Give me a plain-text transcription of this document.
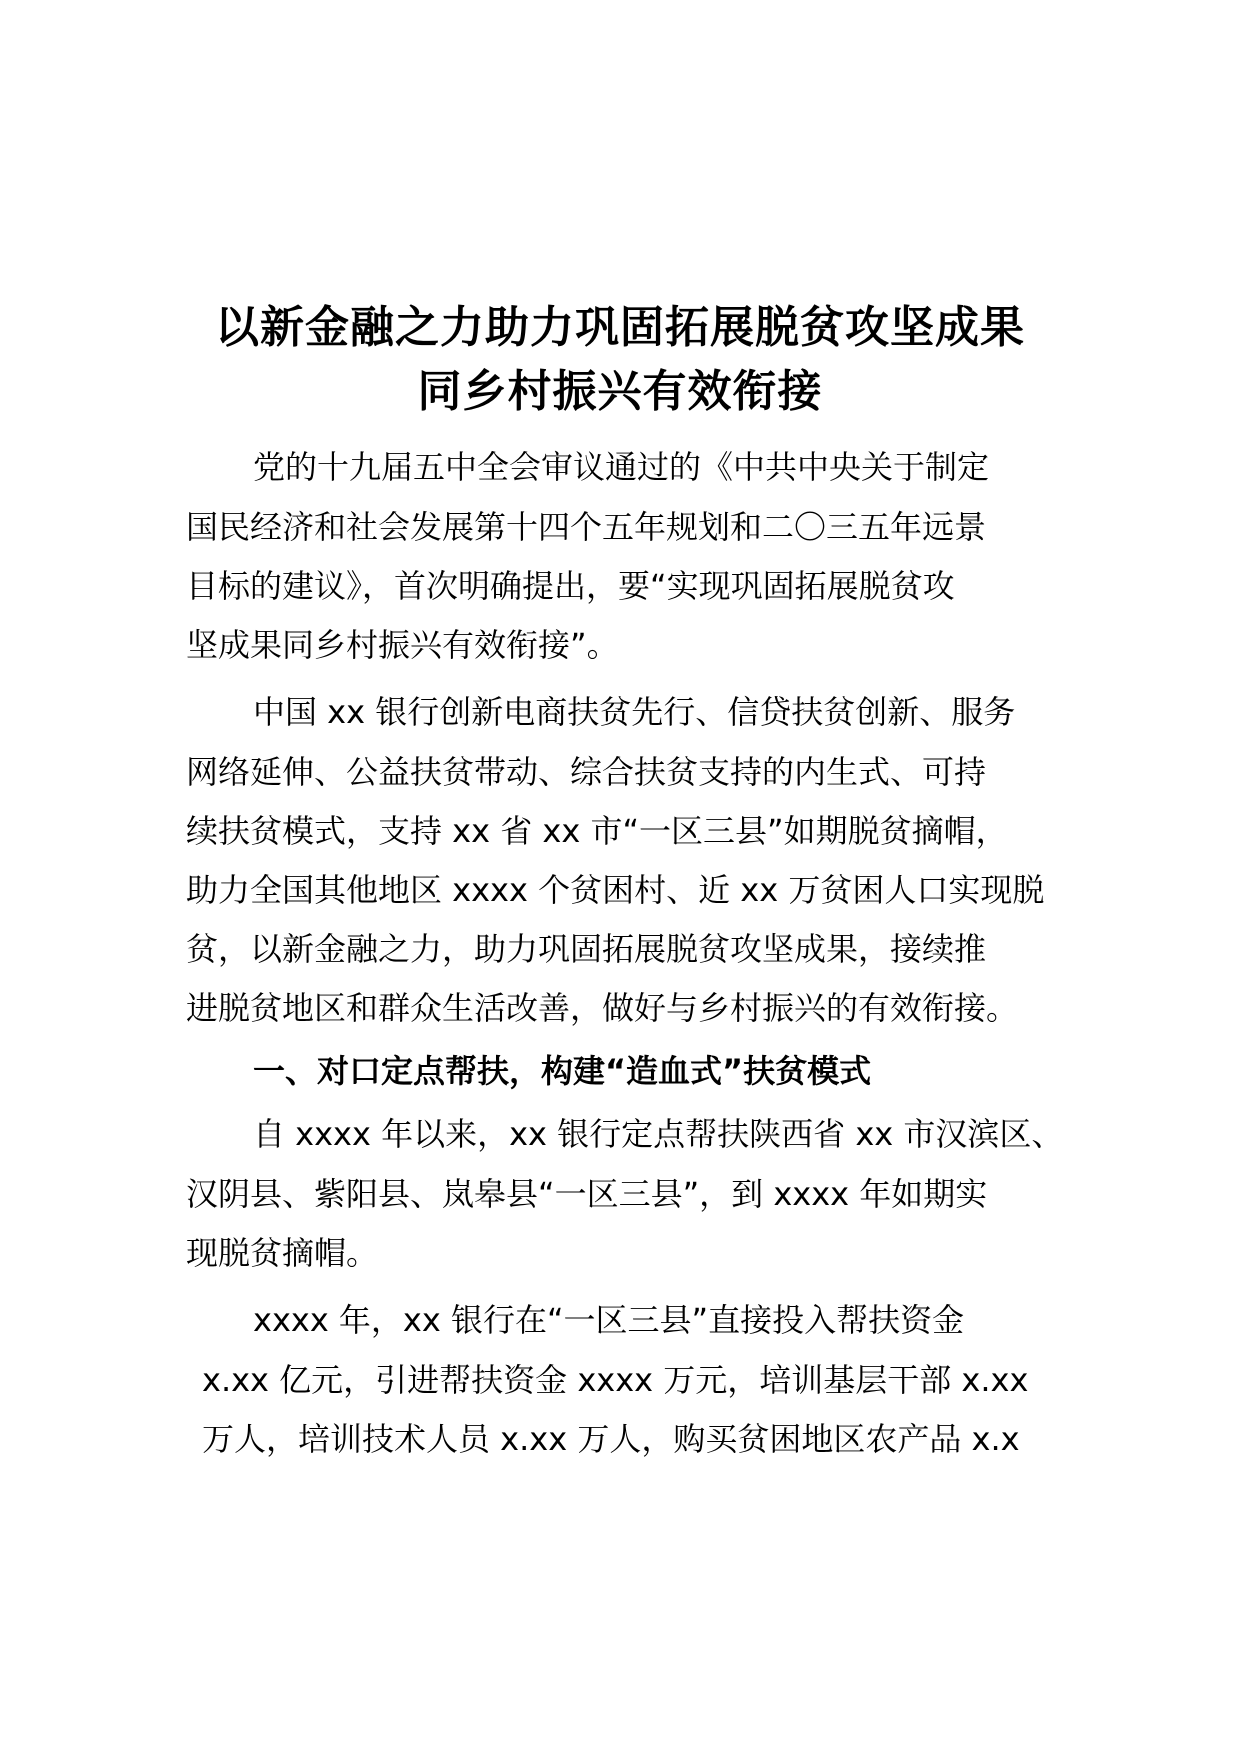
以新金融之力助力巩固拓展脱贫攻坚成果
同乡村振兴有效衔接

党的十九届五中全会审议通过的《中共中央关于制定

国民经济和社会发展第十四个五年规划和二〇三五年远景

目标的建议》，首次明确提出，要“实现巩固拓展脱贫攻

坚成果同乡村振兴有效衔接”。

中国 xx 银行创新电商扶贫先行、信贷扶贫创新、服务

网络延伸、公益扶贫带动、综合扶贫支持的内生式、可持

续扶贫模式，支持 xx 省 xx 市“一区三县”如期脱贫摘帽，

助力全国其他地区 xxxx 个贫困村、近 xx 万贫困人口实现脱

贫，以新金融之力，助力巩固拓展脱贫攻坚成果，接续推

进脱贫地区和群众生活改善，做好与乡村振兴的有效衔接。

一、对口定点帮扶，构建“造血式”扶贫模式

自 xxxx 年以来，xx 银行定点帮扶陕西省 xx 市汉滨区、

汉阴县、紫阳县、岚皋县“一区三县”，到 xxxx 年如期实

现脱贫摘帽。

xxxx 年，xx 银行在“一区三县”直接投入帮扶资金

x.xx 亿元，引进帮扶资金 xxxx 万元，培训基层干部 x.xx

万人，培训技术人员 x.xx 万人，购买贫困地区农产品 x.x
